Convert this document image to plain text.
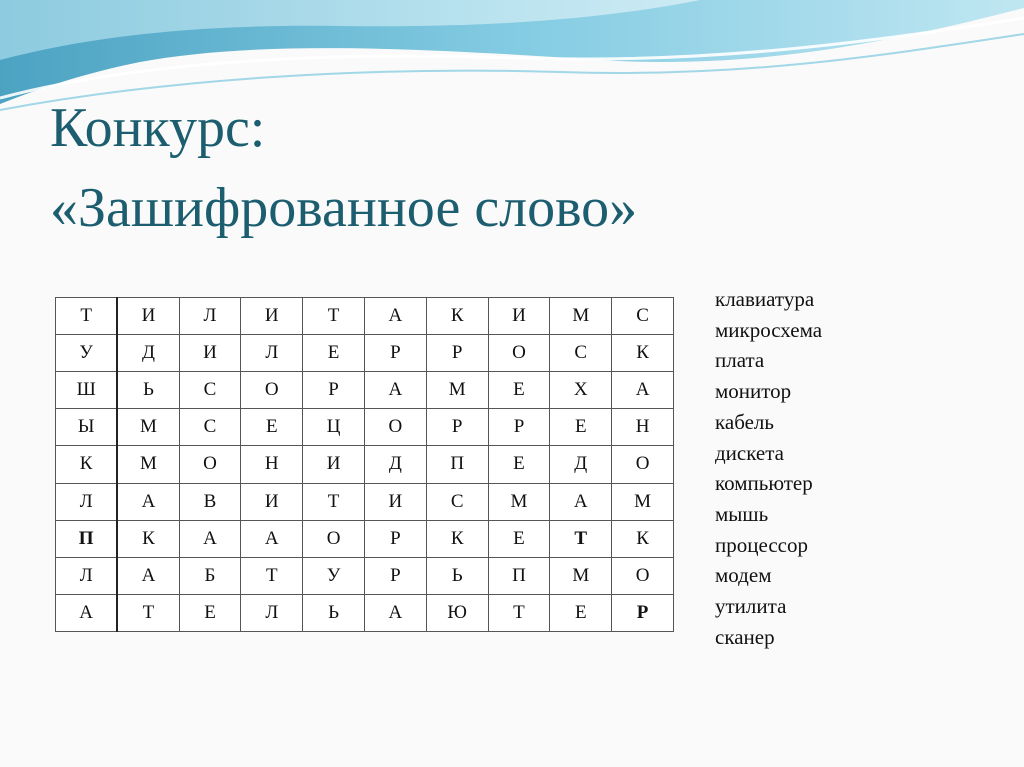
Конкурс:
«Зашифрованное слово»
Т	И	Л	И	Т	А	К	И	М	С
У	Д	И	Л	Е	Р	Р	О	С	К
Ш	Ь	С	О	Р	А	М	Е	Х	А
Ы	М	С	Е	Ц	О	Р	Р	Е	Н
К	М	О	Н	И	Д	П	Е	Д	О
Л	А	В	И	Т	И	С	М	А	М
П	К	А	А	О	Р	К	Е	Т	К
Л	А	Б	Т	У	Р	Ь	П	М	О
А	Т	Е	Л	Ь	А	Ю	Т	Е	Р
клавиатура
микросхема
плата
монитор
кабель
дискета
компьютер
мышь
процессор
модем
утилита
сканер
